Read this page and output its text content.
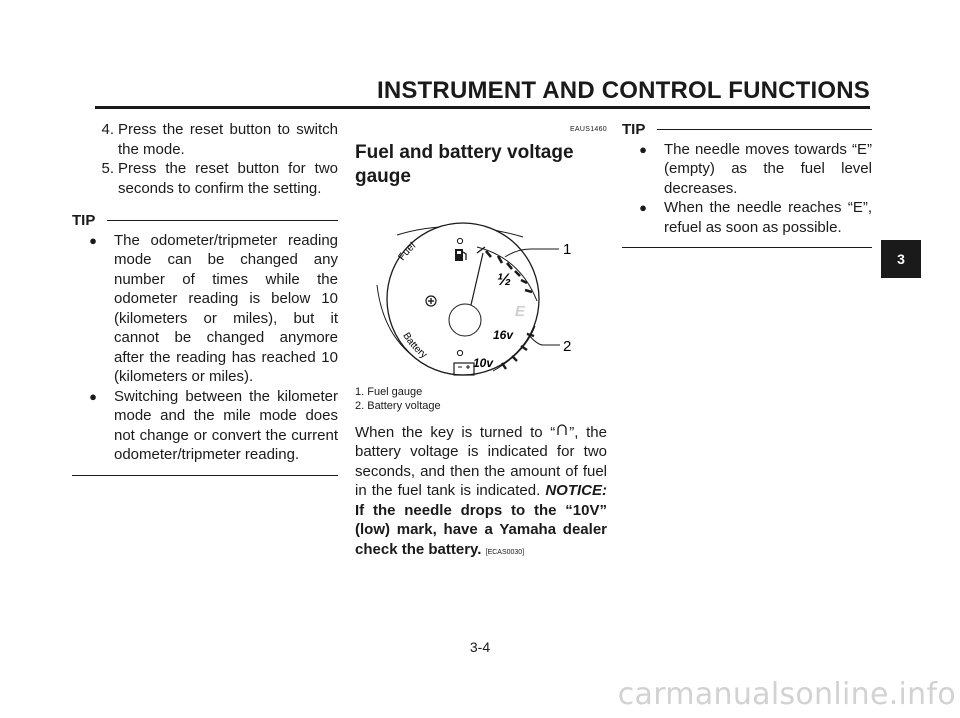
INSTRUMENT AND CONTROL FUNCTIONS
4. Press the reset button to switch the mode.
5. Press the reset button for two seconds to confirm the setting.
TIP
●	The odometer/tripmeter reading mode can be changed any number of times while the odometer reading is below 10 (kilometers or miles), but it cannot be changed anymore after the reading has reached 10 (kilometers or miles).
●	Switching between the kilometer mode and the mile mode does not change or convert the current odometer/tripmeter reading.
EAUS1460
Fuel and battery voltage gauge
Fuel
Battery
½
E
16v
10v
1
2
1. Fuel gauge
2. Battery voltage
When the key is turned to “ ”, the battery voltage is indicated for two seconds, and then the amount of fuel in the fuel tank is indicated. NOTICE: If the needle drops to the “10V” (low) mark, have a Yamaha dealer check the battery. [ECAS0030]
TIP
●	The needle moves towards “E” (empty) as the fuel level decreases.
●	When the needle reaches “E”, refuel as soon as possible.
3
3-4
carmanualsonline.info
